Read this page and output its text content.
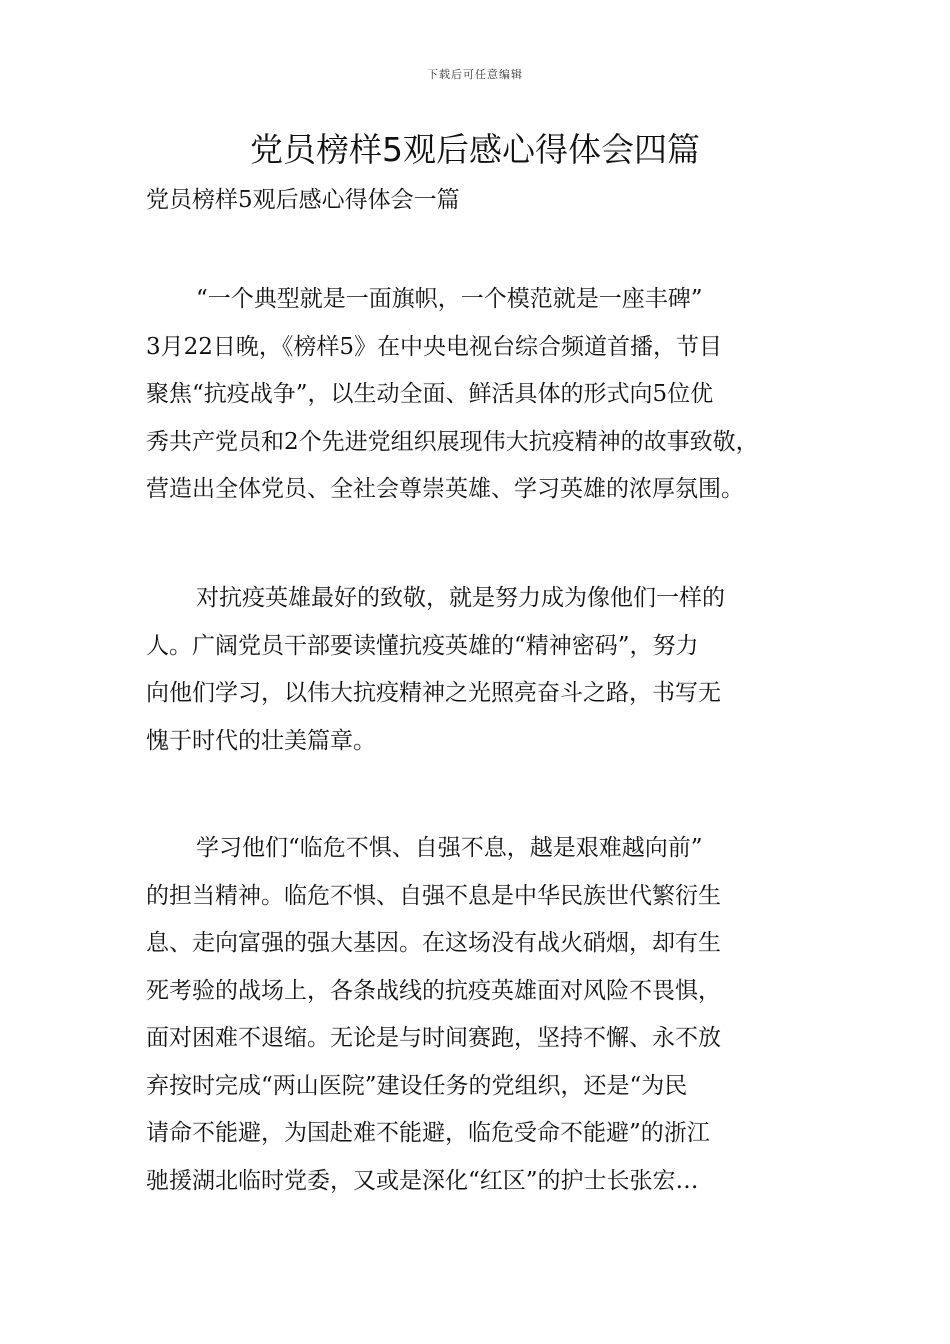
下载后可任意编辑
党员榜样5观后感心得体会四篇
党员榜样5观后感心得体会一篇
“一个典型就是一面旗帜，一个模范就是一座丰碑”
3月22日晚，《榜样5》在中央电视台综合频道首播，节目
聚焦“抗疫战争”，以生动全面、鲜活具体的形式向5位优
秀共产党员和2个先进党组织展现伟大抗疫精神的故事致敬，
营造出全体党员、全社会尊崇英雄、学习英雄的浓厚氛围。
对抗疫英雄最好的致敬，就是努力成为像他们一样的
人。广阔党员干部要读懂抗疫英雄的“精神密码”，努力
向他们学习，以伟大抗疫精神之光照亮奋斗之路，书写无
愧于时代的壮美篇章。
学习他们“临危不惧、自强不息，越是艰难越向前”
的担当精神。临危不惧、自强不息是中华民族世代繁衍生
息、走向富强的强大基因。在这场没有战火硝烟，却有生
死考验的战场上，各条战线的抗疫英雄面对风险不畏惧，
面对困难不退缩。无论是与时间赛跑，坚持不懈、永不放
弃按时完成“两山医院”建设任务的党组织，还是“为民
请命不能避，为国赴难不能避，临危受命不能避”的浙江
驰援湖北临时党委，又或是深化“红区”的护士长张宏…
